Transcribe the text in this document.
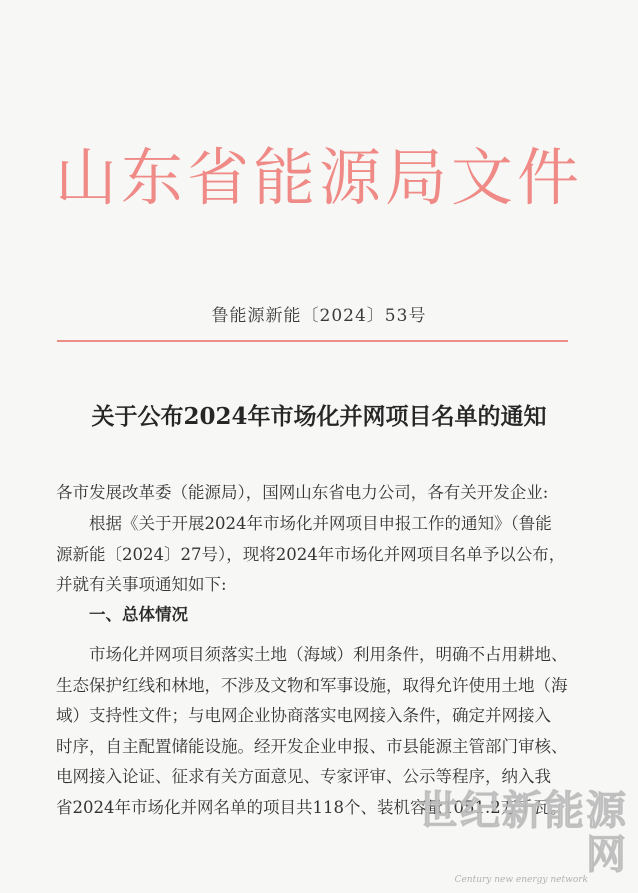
山东省能源局文件
鲁能源新能〔2024〕53号
关于公布2024年市场化并网项目名单的通知
各市发展改革委（能源局），国网山东省电力公司，各有关开发企业:
根据《关于开展2024年市场化并网项目申报工作的通知》（鲁能
源新能〔2024〕27号），现将2024年市场化并网项目名单予以公布，
并就有关事项通知如下:
一、总体情况
市场化并网项目须落实土地（海域）利用条件，明确不占用耕地、
生态保护红线和林地，不涉及文物和军事设施，取得允许使用土地（海
域）支持性文件；与电网企业协商落实电网接入条件，确定并网接入
时序，自主配置储能设施。经开发企业申报、市县能源主管部门审核、
电网接入论证、征求有关方面意见、专家评审、公示等程序，纳入我
省2024年市场化并网名单的项目共118个、装机容量1051.2万千瓦。
世纪新能源网
Century new energy network
